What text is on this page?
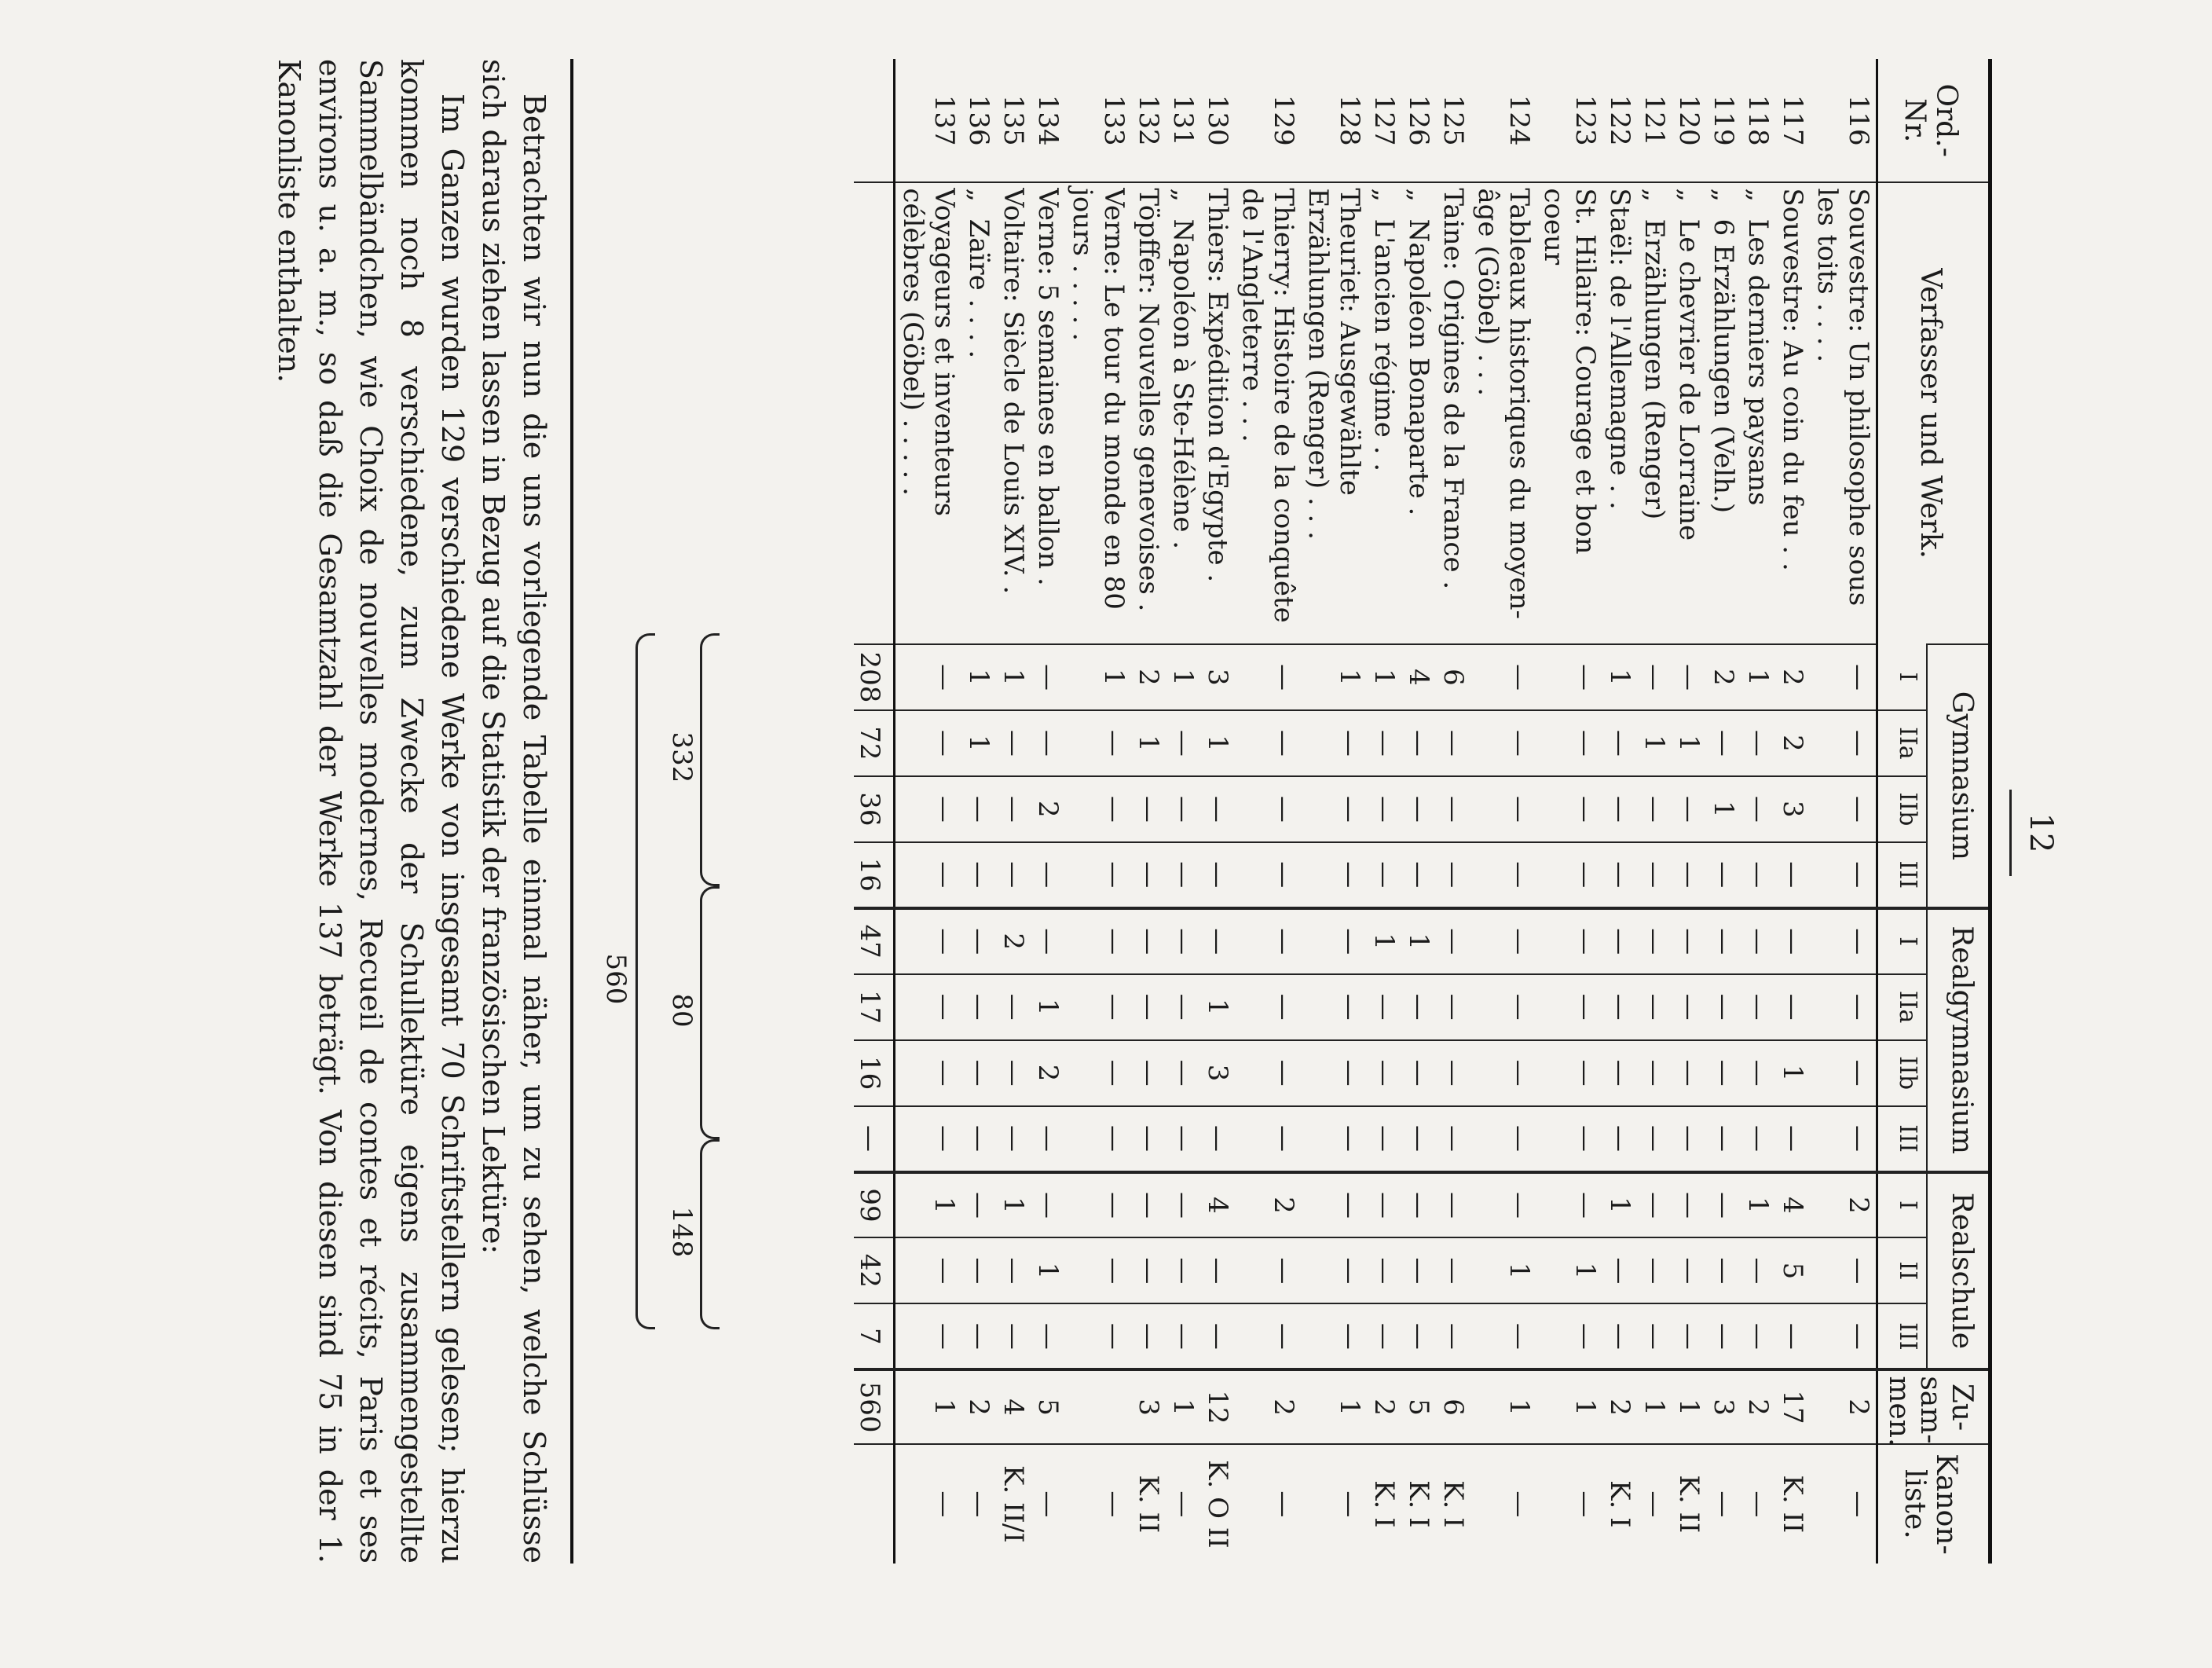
12
Ord.-Nr.	Verfasser und Werk.	Gymnasium				Realgymnasium				Realschule			Zu-sam-men.	Kanon-liste.
		I	IIa	IIb	III	I	IIa	IIb	III	I	II	III		
116	Souvestre: Un philosophe sous les toits . . . .	—	—	—	—	—	—	—	—	2	—	—	2	—
117	Souvestre: Au coin du feu . .	2	2	3	—	—	—	1	—	4	5	—	17	K. II
118	„  Les derniers paysans	1	—	—	—	—	—	—	—	1	—	—	2	—
119	„  6 Erzählungen (Velh.)	2	—	1	—	—	—	—	—	—	—	—	3	—
120	„  Le chevrier de Lorraine	—	1	—	—	—	—	—	—	—	—	—	1	K. II
121	„  Erzählungen (Renger)	—	1	—	—	—	—	—	—	—	—	—	1	—
122	Staël: de l'Allemagne . .	1	—	—	—	—	—	—	—	1	—	—	2	K. I
123	St. Hilaire: Courage et bon coeur	—	—	—	—	—	—	—	—	—	1	—	1	—
124	Tableaux historiques du moyen-âge (Göbel) . . .	—	—	—	—	—	—	—	—	—	1	—	1	—
125	Taine: Origines de la France .	6	—	—	—	—	—	—	—	—	—	—	6	K. I
126	„  Napoléon Bonaparte .	4	—	—	—	1	—	—	—	—	—	—	5	K. I
127	„  L'ancien régime . .	1	—	—	—	1	—	—	—	—	—	—	2	K. I
128	Theuriet: Ausgewählte Erzählungen (Renger) . . .	1	—	—	—	—	—	—	—	—	—	—	1	—
129	Thierry: Histoire de la conquête de l'Angleterre . . .	—	—	—	—	—	—	—	—	2	—	—	2	—
130	Thiers: Expédition d'Egypte .	3	1	—	—	—	1	3	—	4	—	—	12	K. O II
131	„  Napoléon à Ste-Hélène .	1	—	—	—	—	—	—	—	—	—	—	1	—
132	Töpffer: Nouvelles genevoises .	2	1	—	—	—	—	—	—	—	—	—	3	K. II
133	Verne: Le tour du monde en 80 jours . . . . .	1	—	—	—	—	—	—	—	—	—	—		—
134	Verne: 5 semaines en ballon .	—	—	2	—	—	1	2	—	—	1	—	5	—
135	Voltaire: Siècle de Louis XIV. .	1	—	—	—	2	—	—	—	1	—	—	4	K. II/I
136	„  Zaïre . . . .	1	1	—	—	—	—	—	—	—	—	—	2	—
137	Voyageurs et inventeurs célèbres (Göbel) . . . . .	—	—	—	—	—	—	—	—	1	—	—	1	—
		208	72	36	16	47	17	16	—	99	42	7	560	
332
80
148
560

Betrachten wir nun die uns vorliegende Tabelle einmal näher, um zu sehen, welche Schlüsse sich daraus ziehen lassen in Bezug auf die Statistik der französischen Lektüre:

Im Ganzen wurden 129 verschiedene Werke von insgesamt 70 Schriftstellern gelesen; hierzu kommen noch 8 verschiedene, zum Zwecke der Schullektüre eigens zusammengestellte Sammelbändchen, wie Choix de nouvelles modernes, Recueil de contes et récits, Paris et ses environs u. a. m., so daß die Gesamtzahl der Werke 137 beträgt. Von diesen sind 75 in der 1. Kanonliste enthalten.
